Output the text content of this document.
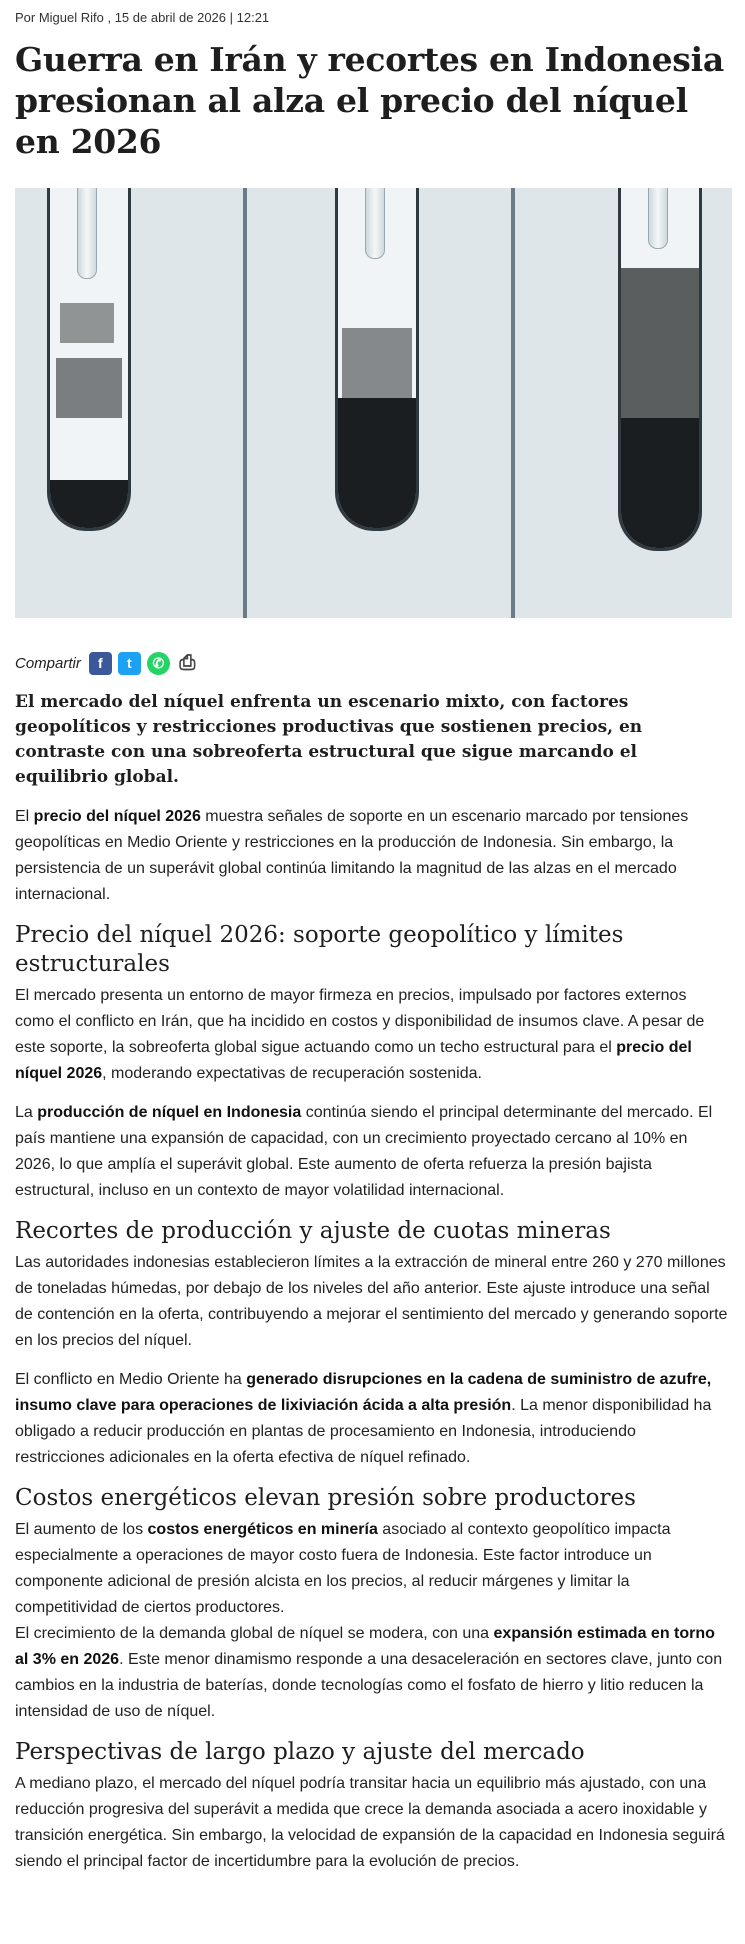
Por Miguel Rifo , 15 de abril de 2026 | 12:21
Guerra en Irán y recortes en Indonesia presionan al alza el precio del níquel en 2026
Compartir	f	t	✆ ⎙

El mercado del níquel enfrenta un escenario mixto, con factores geopolíticos y restricciones productivas que sostienen precios, en contraste con una sobreoferta estructural que sigue marcando el equilibrio global.

El precio del níquel 2026 muestra señales de soporte en un escenario marcado por tensiones geopolíticas en Medio Oriente y restricciones en la producción de Indonesia. Sin embargo, la persistencia de un superávit global continúa limitando la magnitud de las alzas en el mercado internacional.

Precio del níquel 2026: soporte geopolítico y límites estructurales

El mercado presenta un entorno de mayor firmeza en precios, impulsado por factores externos como el conflicto en Irán, que ha incidido en costos y disponibilidad de insumos clave. A pesar de este soporte, la sobreoferta global sigue actuando como un techo estructural para el precio del níquel 2026, moderando expectativas de recuperación sostenida.

La producción de níquel en Indonesia continúa siendo el principal determinante del mercado. El país mantiene una expansión de capacidad, con un crecimiento proyectado cercano al 10% en 2026, lo que amplía el superávit global. Este aumento de oferta refuerza la presión bajista estructural, incluso en un contexto de mayor volatilidad internacional.

Recortes de producción y ajuste de cuotas mineras

Las autoridades indonesias establecieron límites a la extracción de mineral entre 260 y 270 millones de toneladas húmedas, por debajo de los niveles del año anterior. Este ajuste introduce una señal de contención en la oferta, contribuyendo a mejorar el sentimiento del mercado y generando soporte en los precios del níquel.

El conflicto en Medio Oriente ha generado disrupciones en la cadena de suministro de azufre, insumo clave para operaciones de lixiviación ácida a alta presión. La menor disponibilidad ha obligado a reducir producción en plantas de procesamiento en Indonesia, introduciendo restricciones adicionales en la oferta efectiva de níquel refinado.

Costos energéticos elevan presión sobre productores

El aumento de los costos energéticos en minería asociado al contexto geopolítico impacta especialmente a operaciones de mayor costo fuera de Indonesia. Este factor introduce un componente adicional de presión alcista en los precios, al reducir márgenes y limitar la competitividad de ciertos productores.

El crecimiento de la demanda global de níquel se modera, con una expansión estimada en torno al 3% en 2026. Este menor dinamismo responde a una desaceleración en sectores clave, junto con cambios en la industria de baterías, donde tecnologías como el fosfato de hierro y litio reducen la intensidad de uso de níquel.

Perspectivas de largo plazo y ajuste del mercado

A mediano plazo, el mercado del níquel podría transitar hacia un equilibrio más ajustado, con una reducción progresiva del superávit a medida que crece la demanda asociada a acero inoxidable y transición energética. Sin embargo, la velocidad de expansión de la capacidad en Indonesia seguirá siendo el principal factor de incertidumbre para la evolución de precios.
